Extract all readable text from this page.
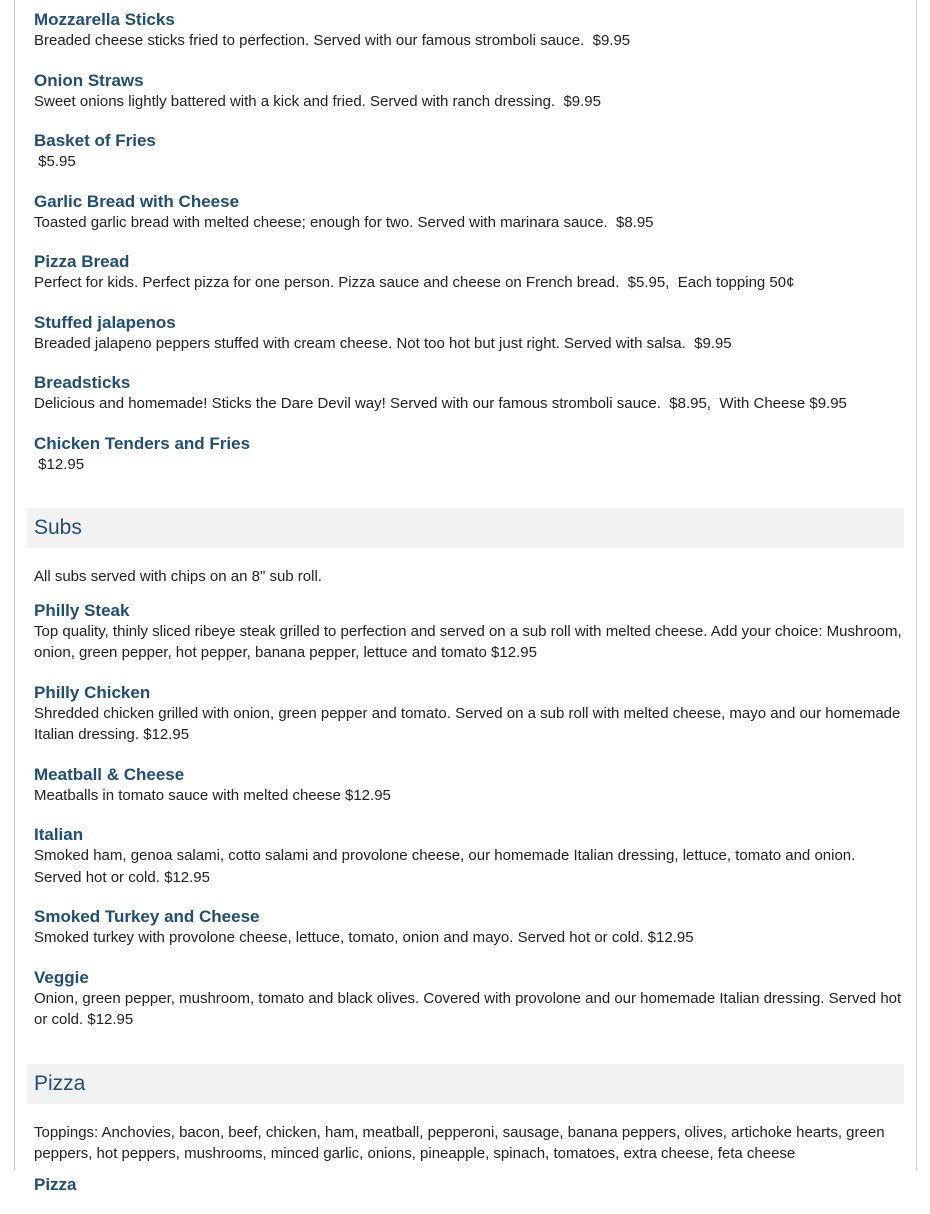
Mozzarella Sticks
Breaded cheese sticks fried to perfection. Served with our famous stromboli sauce.  $9.95
Onion Straws
Sweet onions lightly battered with a kick and fried. Served with ranch dressing.  $9.95
Basket of Fries
$5.95
Garlic Bread with Cheese
Toasted garlic bread with melted cheese; enough for two. Served with marinara sauce.  $8.95
Pizza Bread
Perfect for kids. Perfect pizza for one person. Pizza sauce and cheese on French bread.  $5.95,  Each topping 50¢
Stuffed jalapenos
Breaded jalapeno peppers stuffed with cream cheese. Not too hot but just right. Served with salsa.  $9.95
Breadsticks
Delicious and homemade! Sticks the Dare Devil way! Served with our famous stromboli sauce.  $8.95,  With Cheese $9.95
Chicken Tenders and Fries
$12.95
Subs
All subs served with chips on an 8" sub roll.
Philly Steak
Top quality, thinly sliced ribeye steak grilled to perfection and served on a sub roll with melted cheese. Add your choice: Mushroom, onion, green pepper, hot pepper, banana pepper, lettuce and tomato $12.95
Philly Chicken
Shredded chicken grilled with onion, green pepper and tomato. Served on a sub roll with melted cheese, mayo and our homemade Italian dressing. $12.95
Meatball & Cheese
Meatballs in tomato sauce with melted cheese $12.95
Italian
Smoked ham, genoa salami, cotto salami and provolone cheese, our homemade Italian dressing, lettuce, tomato and onion. Served hot or cold. $12.95
Smoked Turkey and Cheese
Smoked turkey with provolone cheese, lettuce, tomato, onion and mayo. Served hot or cold. $12.95
Veggie
Onion, green pepper, mushroom, tomato and black olives. Covered with provolone and our homemade Italian dressing. Served hot or cold. $12.95
Pizza
Toppings: Anchovies, bacon, beef, chicken, ham, meatball, pepperoni, sausage, banana peppers, olives, artichoke hearts, green peppers, hot peppers, mushrooms, minced garlic, onions, pineapple, spinach, tomatoes, extra cheese, feta cheese
Pizza
